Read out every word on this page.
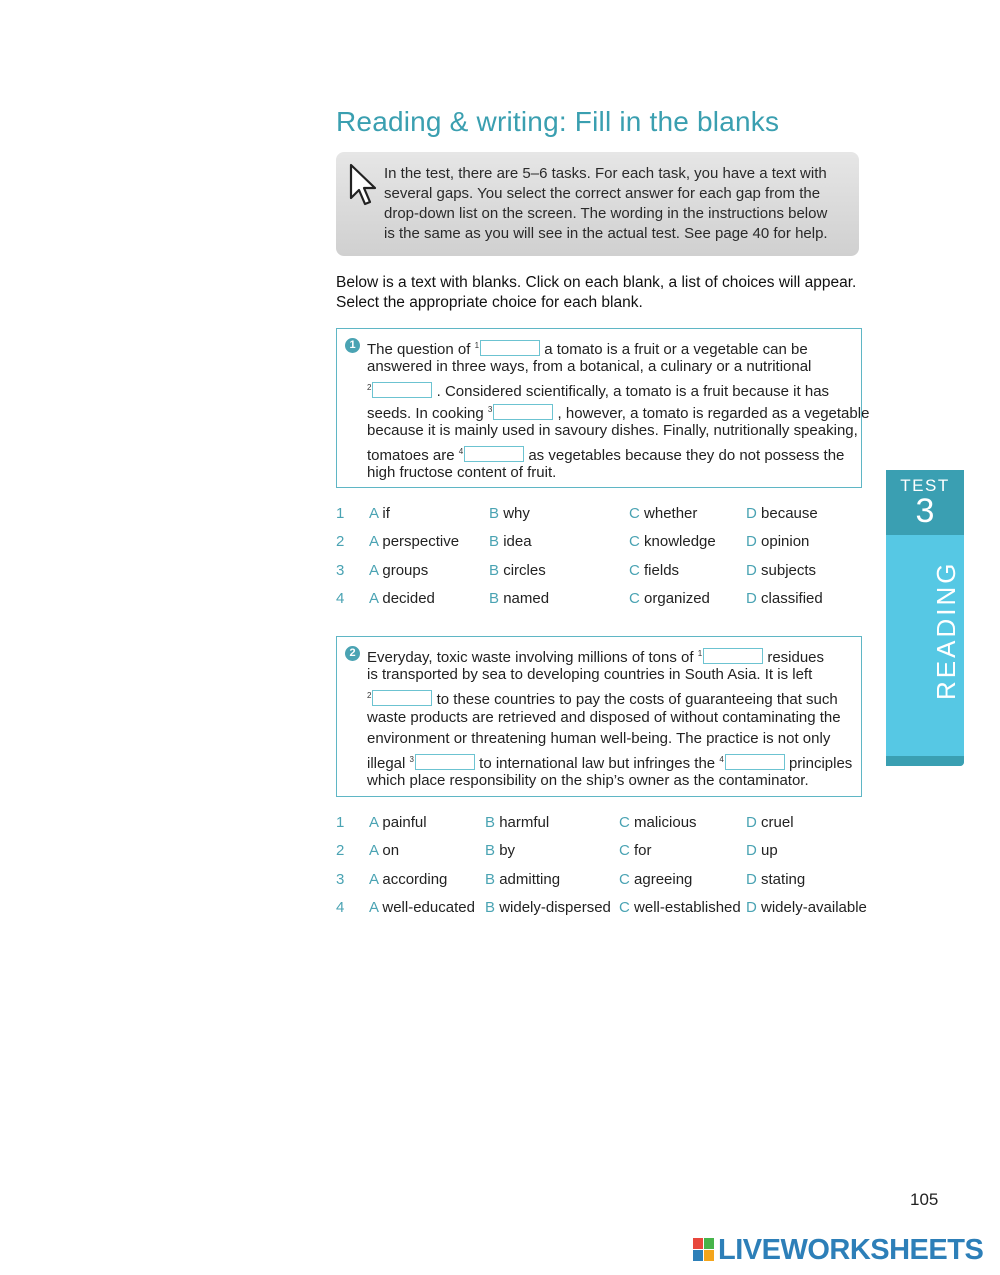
Reading & writing: Fill in the blanks
In the test, there are 5–6 tasks. For each task, you have a text with
several gaps. You select the correct answer for each gap from the
drop-down list on the screen. The wording in the instructions below
is the same as you will see in the actual test. See page 40 for help.
Below is a text with blanks. Click on each blank, a list of choices will appear.
Select the appropriate choice for each blank.
1 The question of $^1$	a tomato is a fruit or a vegetable can be
answered in three ways, from a botanical, a culinary or a nutritional
$^2$	. Considered scientifically, a tomato is a fruit because it has
seeds. In cooking $^3$	, however, a tomato is regarded as a vegetable
because it is mainly used in savoury dishes. Finally, nutritionally speaking,
tomatoes are $^4$	as vegetables because they do not possess the
high fructose content of fruit.
1 A if	B why	C whether	D because
2 A perspective B idea	C knowledge D opinion
3 A groups	B circles	C fields	D subjects
4 A decided	B named	C organized D classified
2 Everyday, toxic waste involving millions of tons of $^1$	residues
is transported by sea to developing countries in South Asia. It is left
$^2$	to these countries to pay the costs of guaranteeing that such
waste products are retrieved and disposed of without contaminating the
environment or threatening human well-being. The practice is not only
illegal $^3$	to international law but infringes the $^4$	principles
which place responsibility on the ship’s owner as the contaminator.
1 A painful	B harmful	C malicious	D cruel
2 A on	B by	C for	D up
3 A according	B admitting	C agreeing	D stating
4 A well-educated B widely-dispersed C well-established D widely-available
TEST
3
READING
105
LIVEWORKSHEETS
